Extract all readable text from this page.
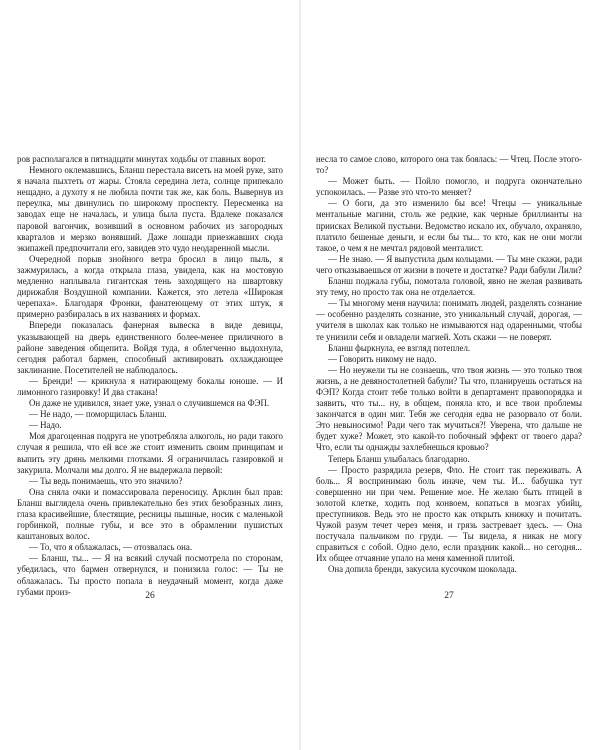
ров располагался в пятнадцати минутах ходьбы от главных ворот.

Немного оклемавшись, Бланш перестала висеть на моей руке, зато я начала пыхтеть от жары. Стояла середина лета, солнце припекало нещадно, а духоту я не любила почти так же, как боль. Вывернув из переулка, мы двинулись по широкому проспекту. Пересменка на заводах еще не началась, и улица была пуста. Вдалеке показался паровой вагончик, возивший в основном рабочих из загородных кварталов и мерзко вонявший. Даже лошади приезжавших сюда экипажей предпочитали его, завидев это чудо неодаренной мысли.

Очередной порыв знойного ветра бросил в лицо пыль, я зажмурилась, а когда открыла глаза, увидела, как на мостовую медленно наплывала гигантская тень заходящего на швартовку дирижабля Воздушной компании. Кажется, это летела «Широкая черепаха». Благодаря Фронки, фанатеющему от этих штук, я примерно разбиралась в их названиях и формах.

Впереди показалась фанерная вывеска в виде девицы, указывающей на дверь единственного более-менее приличного в районе заведения общепита. Войдя туда, я облегченно выдохнула, сегодня работал бармен, способный активировать охлаждающее заклинание. Посетителей не наблюдалось.

— Бренди! — крикнула я натирающему бокалы юноше. — И лимонного газировку! И два стакана!

Он даже не удивился, знает уже, узнал о случившемся на ФЭП.

— Не надо, — поморщилась Бланш.

— Надо.

Моя драгоценная подруга не употребляла алкоголь, но ради такого случая я решила, что ей все же стоит изменить своим принципам и выпить эту дрянь мелкими глотками. Я ограничилась газировкой и закурила. Молчали мы долго. Я не выдержала первой:

— Ты ведь понимаешь, что это значило?

Она сняла очки и помассировала переносицу. Арклин был прав: Бланш выглядела очень привлекательно без этих безобразных линз, глаза красивейшие, блестящие, ресницы пышные, носик с маленькой горбинкой, полные губы, и все это в обрамлении пушистых каштановых волос.

— То, что я облажалась, — отозвалась она.

— Бланш, ты... — Я на всякий случай посмотрела по сторонам, убедилась, что бармен отвернулся, и понизила голос: — Ты не облажалась. Ты просто попала в неудачный момент, когда даже губами произ-	26

несла то самое слово, которого она так боялась: — Чтец. После этого-то?

— Может быть. — Пойло помогло, и подруга окончательно успокоилась. — Разве это что-то меняет?

— О боги, да это изменило бы все! Чтецы — уникальные ментальные магини, столь же редкие, как черные бриллианты на приисках Великой пустыни. Ведомство искало их, обучало, охраняло, платило бешеные деньги, и если бы ты... то кто, как не они могли такое, о чем я не мечтал рядовой менталист.

— Не знаю. — Я выпустила дым кольцами. — Ты мне скажи, ради чего отказываешься от жизни в почете и достатке? Ради бабули Лили?

Бланш поджала губы, помотала головой, явно не желая развивать эту тему, но просто так она не отделается.

— Ты многому меня научила: понимать людей, разделять сознание — особенно разделять сознание, это уникальный случай, дорогая, — учителя в школах как только не измываются над одаренными, чтобы те унизили себя и овладели магией. Хоть скажи — не поверят.

Бланш фыркнула, ее взгляд потеплел.

— Говорить никому не надо.

— Но неужели ты не сознаешь, что твоя жизнь — это только твоя жизнь, а не девяностолетней бабули? Ты что, планируешь остаться на ФЭП? Когда стоит тебе только войти в департамент правопорядка и заявить, что ты... ну, в общем, поняла кто, и все твои проблемы закончатся в один миг. Тебя же сегодня едва не разорвало от боли. Это невыносимо! Ради чего так мучиться?! Уверена, что дальше не будет хуже? Может, это какой-то побочный эффект от твоего дара? Что, если ты однажды захлебнешься кровью?

Теперь Бланш улыбалась благодарно.

— Просто разрядила резерв, Фло. Не стоит так переживать. А боль... Я воспринимаю боль иначе, чем ты. И... бабушка тут совершенно ни при чем. Решение мое. Не желаю быть птицей в золотой клетке, ходить под конвоем, копаться в мозгах убийц, преступников. Ведь это не просто как открыть книжку и почитать. Чужой разум течет через меня, и грязь застревает здесь. — Она постучала пальчиком по груди. — Ты видела, я никак не могу справиться с собой. Одно дело, если праздник какой... но сегодня... Их общее отчаяние упало на меня каменной плитой.

Она допила бренди, закусила кусочком шоколада.

27
